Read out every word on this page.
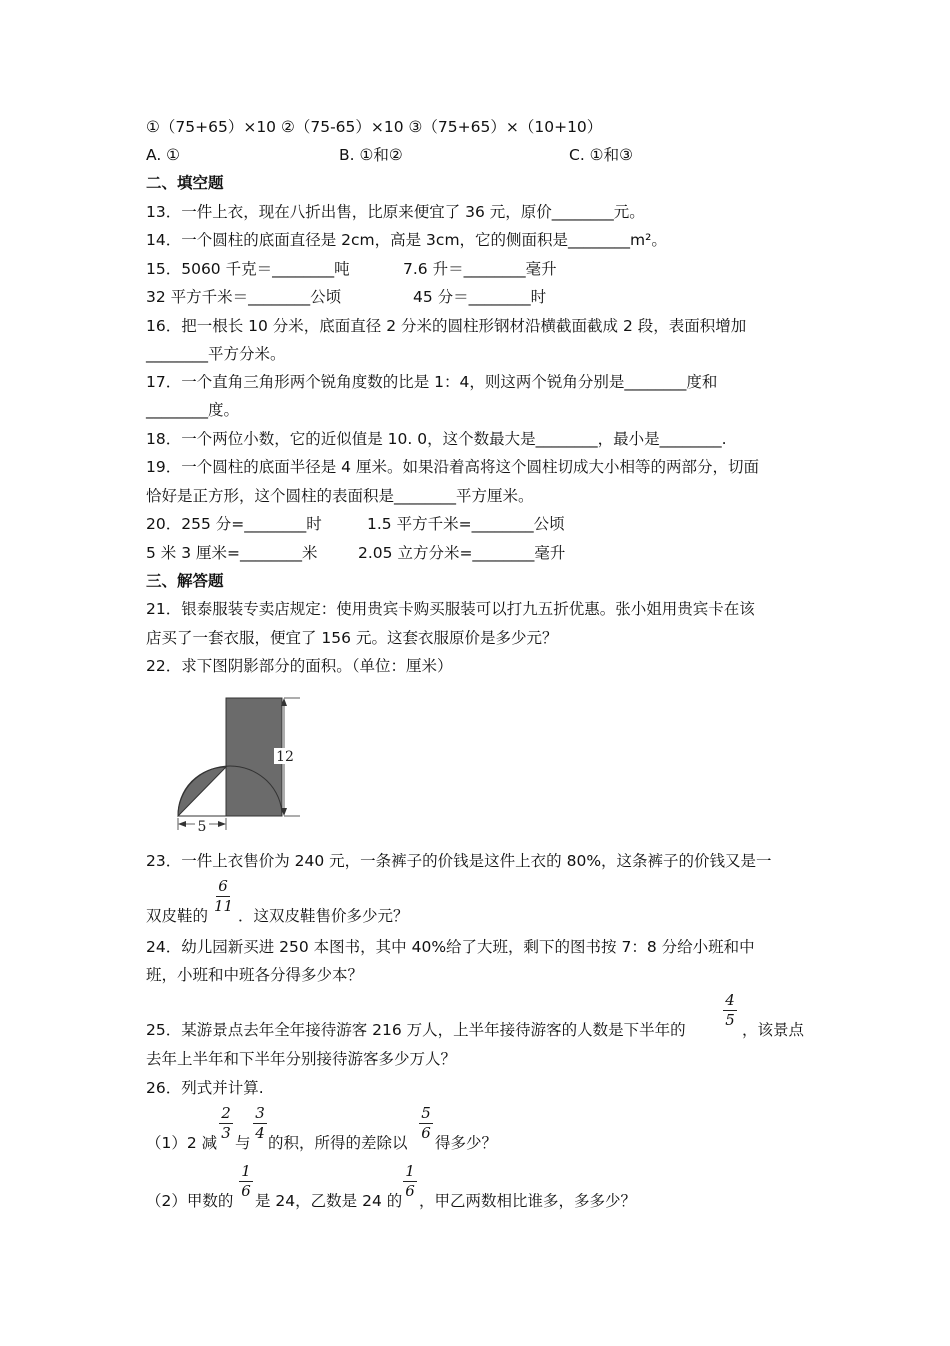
①（75+65）×10 ②（75-65）×10 ③（75+65）×（10+10）
A. ①	B. ①和②	C. ①和③
二、填空题
13．一件上衣，现在八折出售，比原来便宜了 36 元，原价________元。
14．一个圆柱的底面直径是 2cm，高是 3cm，它的侧面积是________m²。
15．5060 千克＝________吨	7.6 升＝________毫升
32 平方千米＝________公顷	45 分＝________时
16．把一根长 10 分米，底面直径 2 分米的圆柱形钢材沿横截面截成 2 段，表面积增加
________平方分米。
17．一个直角三角形两个锐角度数的比是 1：4，则这两个锐角分别是________度和
________度。
18．一个两位小数，它的近似值是 10. 0，这个数最大是________，最小是________.
19．一个圆柱的底面半径是 4 厘米。如果沿着高将这个圆柱切成大小相等的两部分，切面
恰好是正方形，这个圆柱的表面积是________平方厘米。
20．255 分=________时	1.5 平方千米=________公顷
5 米 3 厘米=________米	2.05 立方分米=________毫升
三、解答题
21．银泰服装专卖店规定：使用贵宾卡购买服装可以打九五折优惠。张小姐用贵宾卡在该
店买了一套衣服，便宜了 156 元。这套衣服原价是多少元？
22．求下图阴影部分的面积。（单位：厘米）
12
5
23．一件上衣售价为 240 元，一条裤子的价钱是这件上衣的 80%，这条裤子的价钱又是一
双皮鞋的
6
11
．这双皮鞋售价多少元？
24．幼儿园新买进 250 本图书，其中 40%给了大班，剩下的图书按 7：8 分给小班和中
班，小班和中班各分得多少本？
25．某游景点去年全年接待游客 216 万人，上半年接待游客的人数是下半年的
4
5
，该景点
去年上半年和下半年分别接待游客多少万人？
26．列式并计算.
（1）2 减
2
3
与
3
4
的积，所得的差除以
5
6
得多少？
（2）甲数的
1
6
是 24，乙数是 24 的
1
6
，甲乙两数相比谁多，多多少？
